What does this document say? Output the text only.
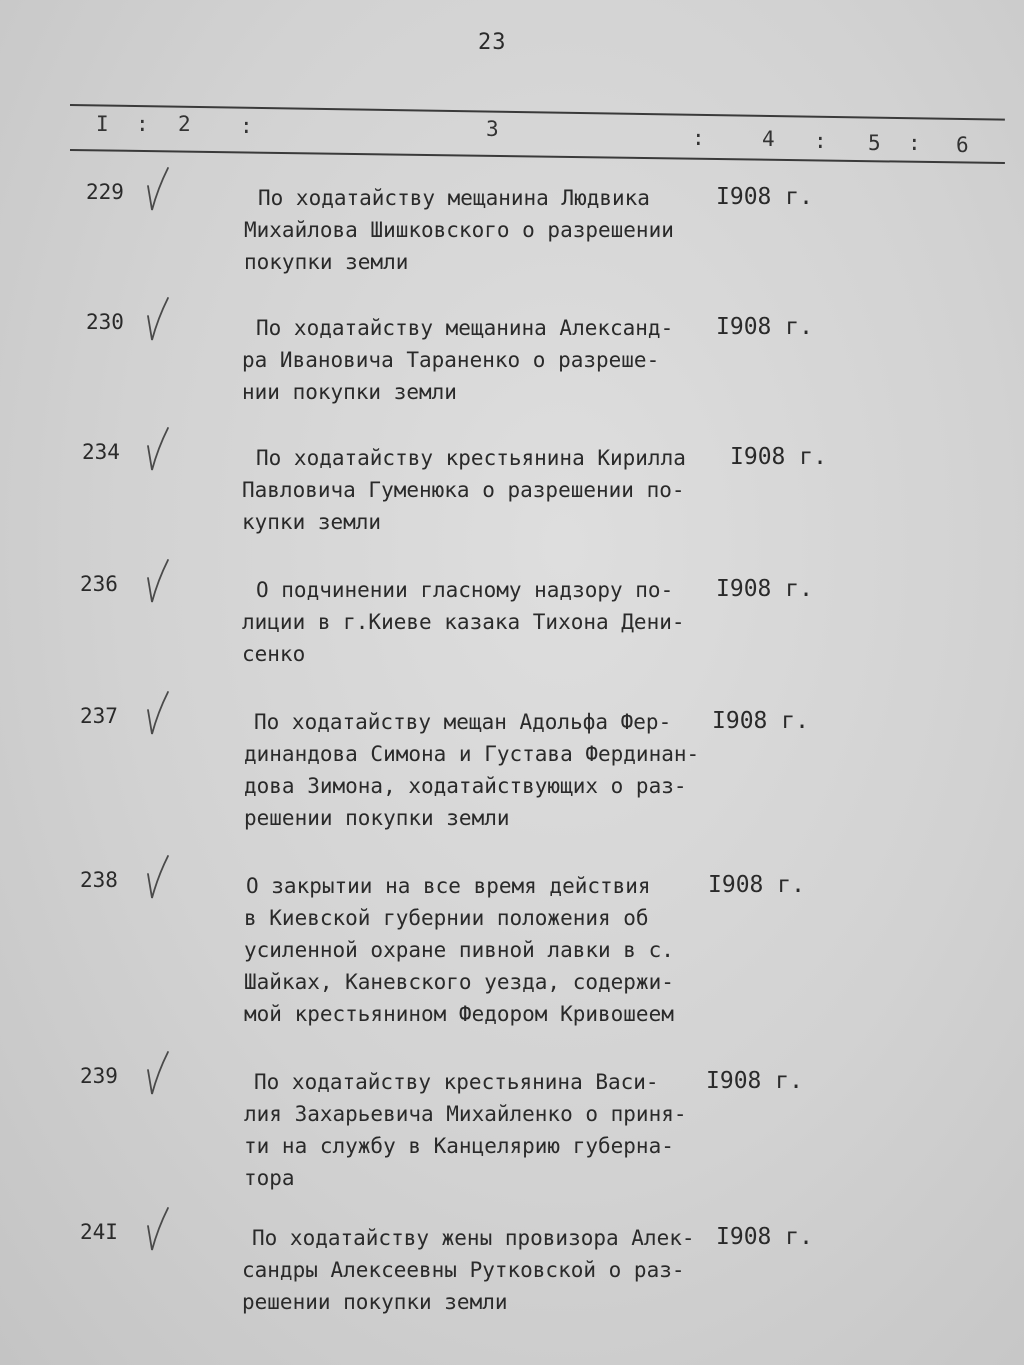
23
I : 2 :	3	:	4 : 5 : 6
229	По ходатайству мещанина Людвика
Михайлова Шишковского о разрешении
покупки земли
I908 г.
230	По ходатайству мещанина Александ-
ра Ивановича Тараненко о разреше-
нии покупки земли
I908 г.
234	По ходатайству крестьянина Кирилла
Павловича Гуменюка о разрешении по-
купки земли
I908 г.
236	О подчинении гласному надзору по-
лиции в г.Киеве казака Тихона Дени-
сенко
I908 г.
237	По ходатайству мещан Адольфа Фер-
динандова Симона и Густава Фердинан-
дова Зимона, ходатайствующих о раз-
решении покупки земли
I908 г.
238	О закрытии на все время действия
в Киевской губернии положения об
усиленной охране пивной лавки в с.
Шайках, Каневского уезда, содержи-
мой крестьянином Федором Кривошеем
I908 г.
239	По ходатайству крестьянина Васи-
лия Захарьевича Михайленко о приня-
ти на службу в Канцелярию губерна-
тора
I908 г.
24I	По ходатайству жены провизора Алек-
сандры Алексеевны Рутковской о раз-
решении покупки земли
I908 г.
